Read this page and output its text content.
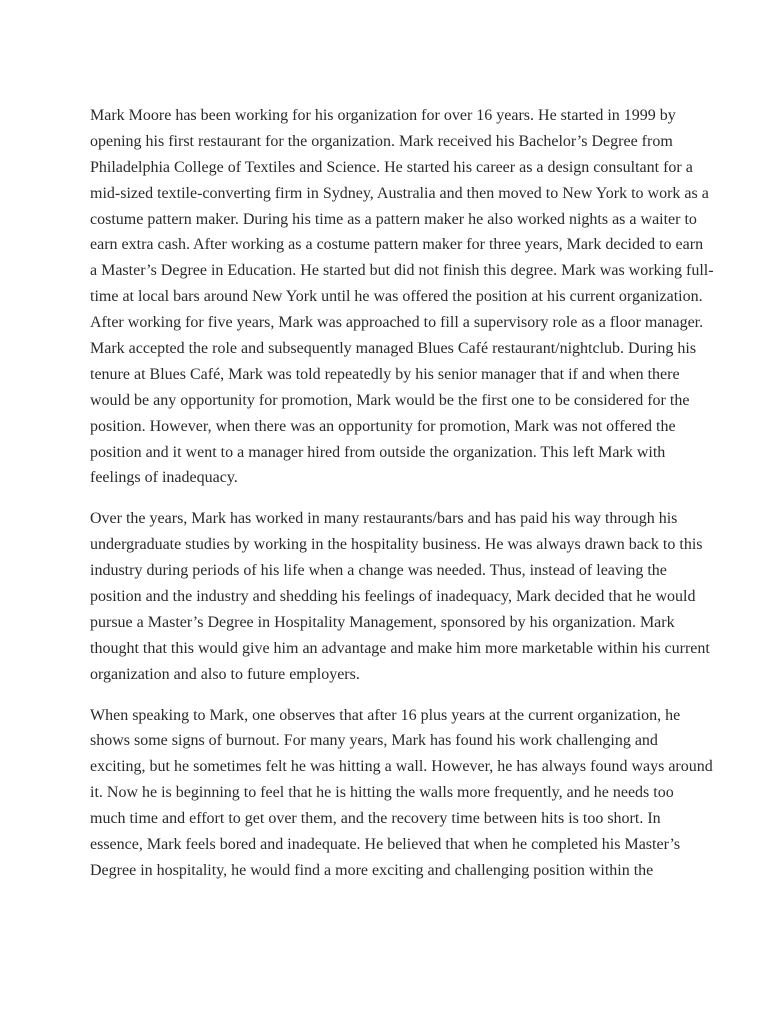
Mark Moore has been working for his organization for over 16 years. He started in 1999 by
opening his first restaurant for the organization. Mark received his Bachelor’s Degree from
Philadelphia College of Textiles and Science. He started his career as a design consultant for a
mid-sized textile-converting firm in Sydney, Australia and then moved to New York to work as a
costume pattern maker. During his time as a pattern maker he also worked nights as a waiter to
earn extra cash. After working as a costume pattern maker for three years, Mark decided to earn
a Master’s Degree in Education. He started but did not finish this degree. Mark was working full-
time at local bars around New York until he was offered the position at his current organization.
After working for five years, Mark was approached to fill a supervisory role as a floor manager.
Mark accepted the role and subsequently managed Blues Café restaurant/nightclub. During his
tenure at Blues Café, Mark was told repeatedly by his senior manager that if and when there
would be any opportunity for promotion, Mark would be the first one to be considered for the
position. However, when there was an opportunity for promotion, Mark was not offered the
position and it went to a manager hired from outside the organization. This left Mark with
feelings of inadequacy.

Over the years, Mark has worked in many restaurants/bars and has paid his way through his
undergraduate studies by working in the hospitality business. He was always drawn back to this
industry during periods of his life when a change was needed. Thus, instead of leaving the
position and the industry and shedding his feelings of inadequacy, Mark decided that he would
pursue a Master’s Degree in Hospitality Management, sponsored by his organization. Mark
thought that this would give him an advantage and make him more marketable within his current
organization and also to future employers.

When speaking to Mark, one observes that after 16 plus years at the current organization, he
shows some signs of burnout. For many years, Mark has found his work challenging and
exciting, but he sometimes felt he was hitting a wall. However, he has always found ways around
it. Now he is beginning to feel that he is hitting the walls more frequently, and he needs too
much time and effort to get over them, and the recovery time between hits is too short. In
essence, Mark feels bored and inadequate. He believed that when he completed his Master’s
Degree in hospitality, he would find a more exciting and challenging position within the
